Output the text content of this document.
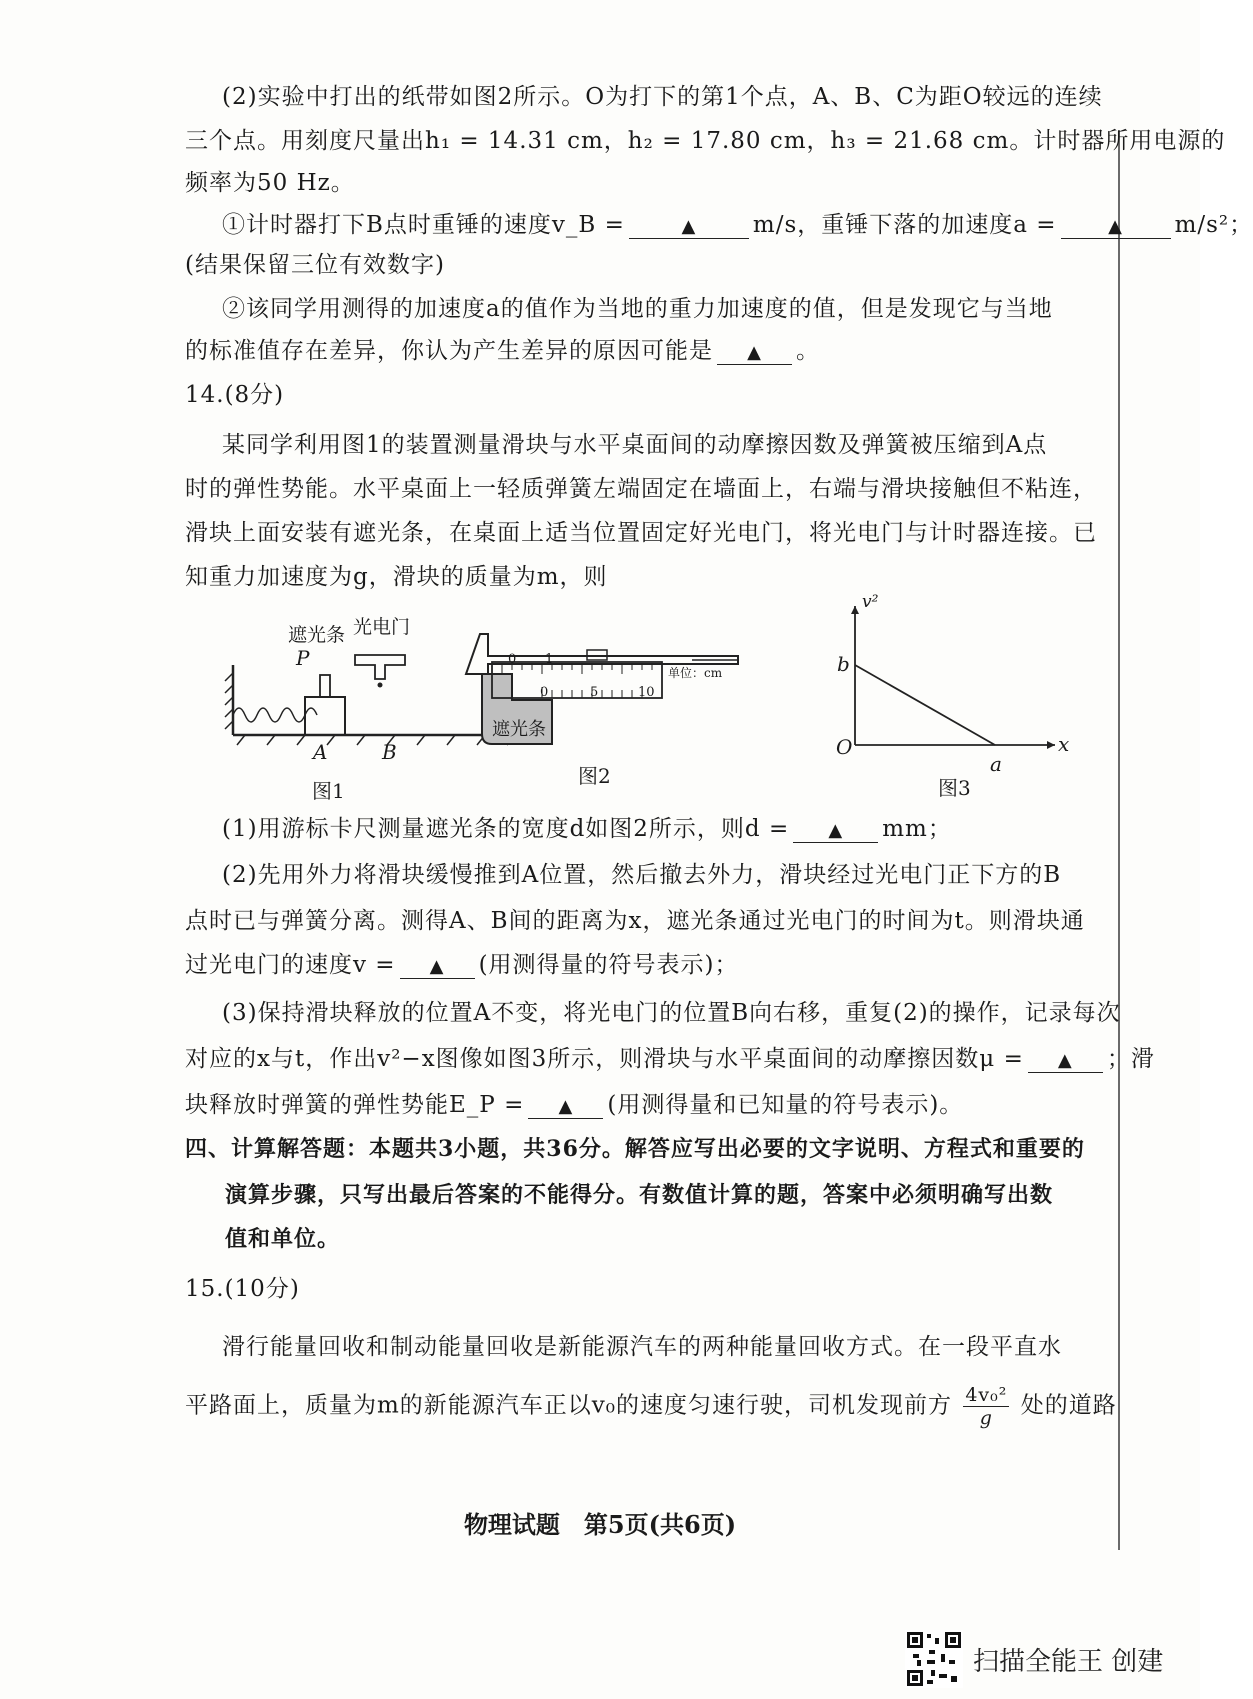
(2)实验中打出的纸带如图2所示。O为打下的第1个点，A、B、C为距O较远的连续
三个点。用刻度尺量出h₁ = 14.31 cm，h₂ = 17.80 cm，h₃ = 21.68 cm。计时器所用电源的
频率为50 Hz。
①计时器打下B点时重锤的速度v_B =	▲ m/s，重锤下落的加速度a =	▲ m/s²；
(结果保留三位有效数字)
②该同学用测得的加速度a的值作为当地的重力加速度的值，但是发现它与当地
的标准值存在差异，你认为产生差异的原因可能是 ▲ 。
14.(8分)
某同学利用图1的装置测量滑块与水平桌面间的动摩擦因数及弹簧被压缩到A点
时的弹性势能。水平桌面上一轻质弹簧左端固定在墙面上，右端与滑块接触但不粘连，
滑块上面安装有遮光条，在桌面上适当位置固定好光电门，将光电门与计时器连接。已
知重力加速度为g，滑块的质量为m，则
遮光条 光电门
P
A	B
图1
0 1
0	5	10
单位：cm
遮光条
图2
v²
x
O
b
a
图3
(1)用游标卡尺测量遮光条的宽度d如图2所示，则d = ▲ mm；
(2)先用外力将滑块缓慢推到A位置，然后撤去外力，滑块经过光电门正下方的B
点时已与弹簧分离。测得A、B间的距离为x，遮光条通过光电门的时间为t。则滑块通
过光电门的速度v = ▲ (用测得量的符号表示)；
(3)保持滑块释放的位置A不变，将光电门的位置B向右移，重复(2)的操作，记录每次
对应的x与t，作出v²−x图像如图3所示，则滑块与水平桌面间的动摩擦因数μ = ▲ ；滑
块释放时弹簧的弹性势能E_P = ▲ (用测得量和已知量的符号表示)。
四、计算解答题：本题共3小题，共36分。解答应写出必要的文字说明、方程式和重要的
演算步骤，只写出最后答案的不能得分。有数值计算的题，答案中必须明确写出数
值和单位。
15.(10分)
滑行能量回收和制动能量回收是新能源汽车的两种能量回收方式。在一段平直水
平路面上，质量为m的新能源汽车正以v₀的速度匀速行驶，司机发现前方 $\frac{\text{4v₀²}}{g}$ 处的道路
物理试题　第5页(共6页)
扫描全能王 创建
